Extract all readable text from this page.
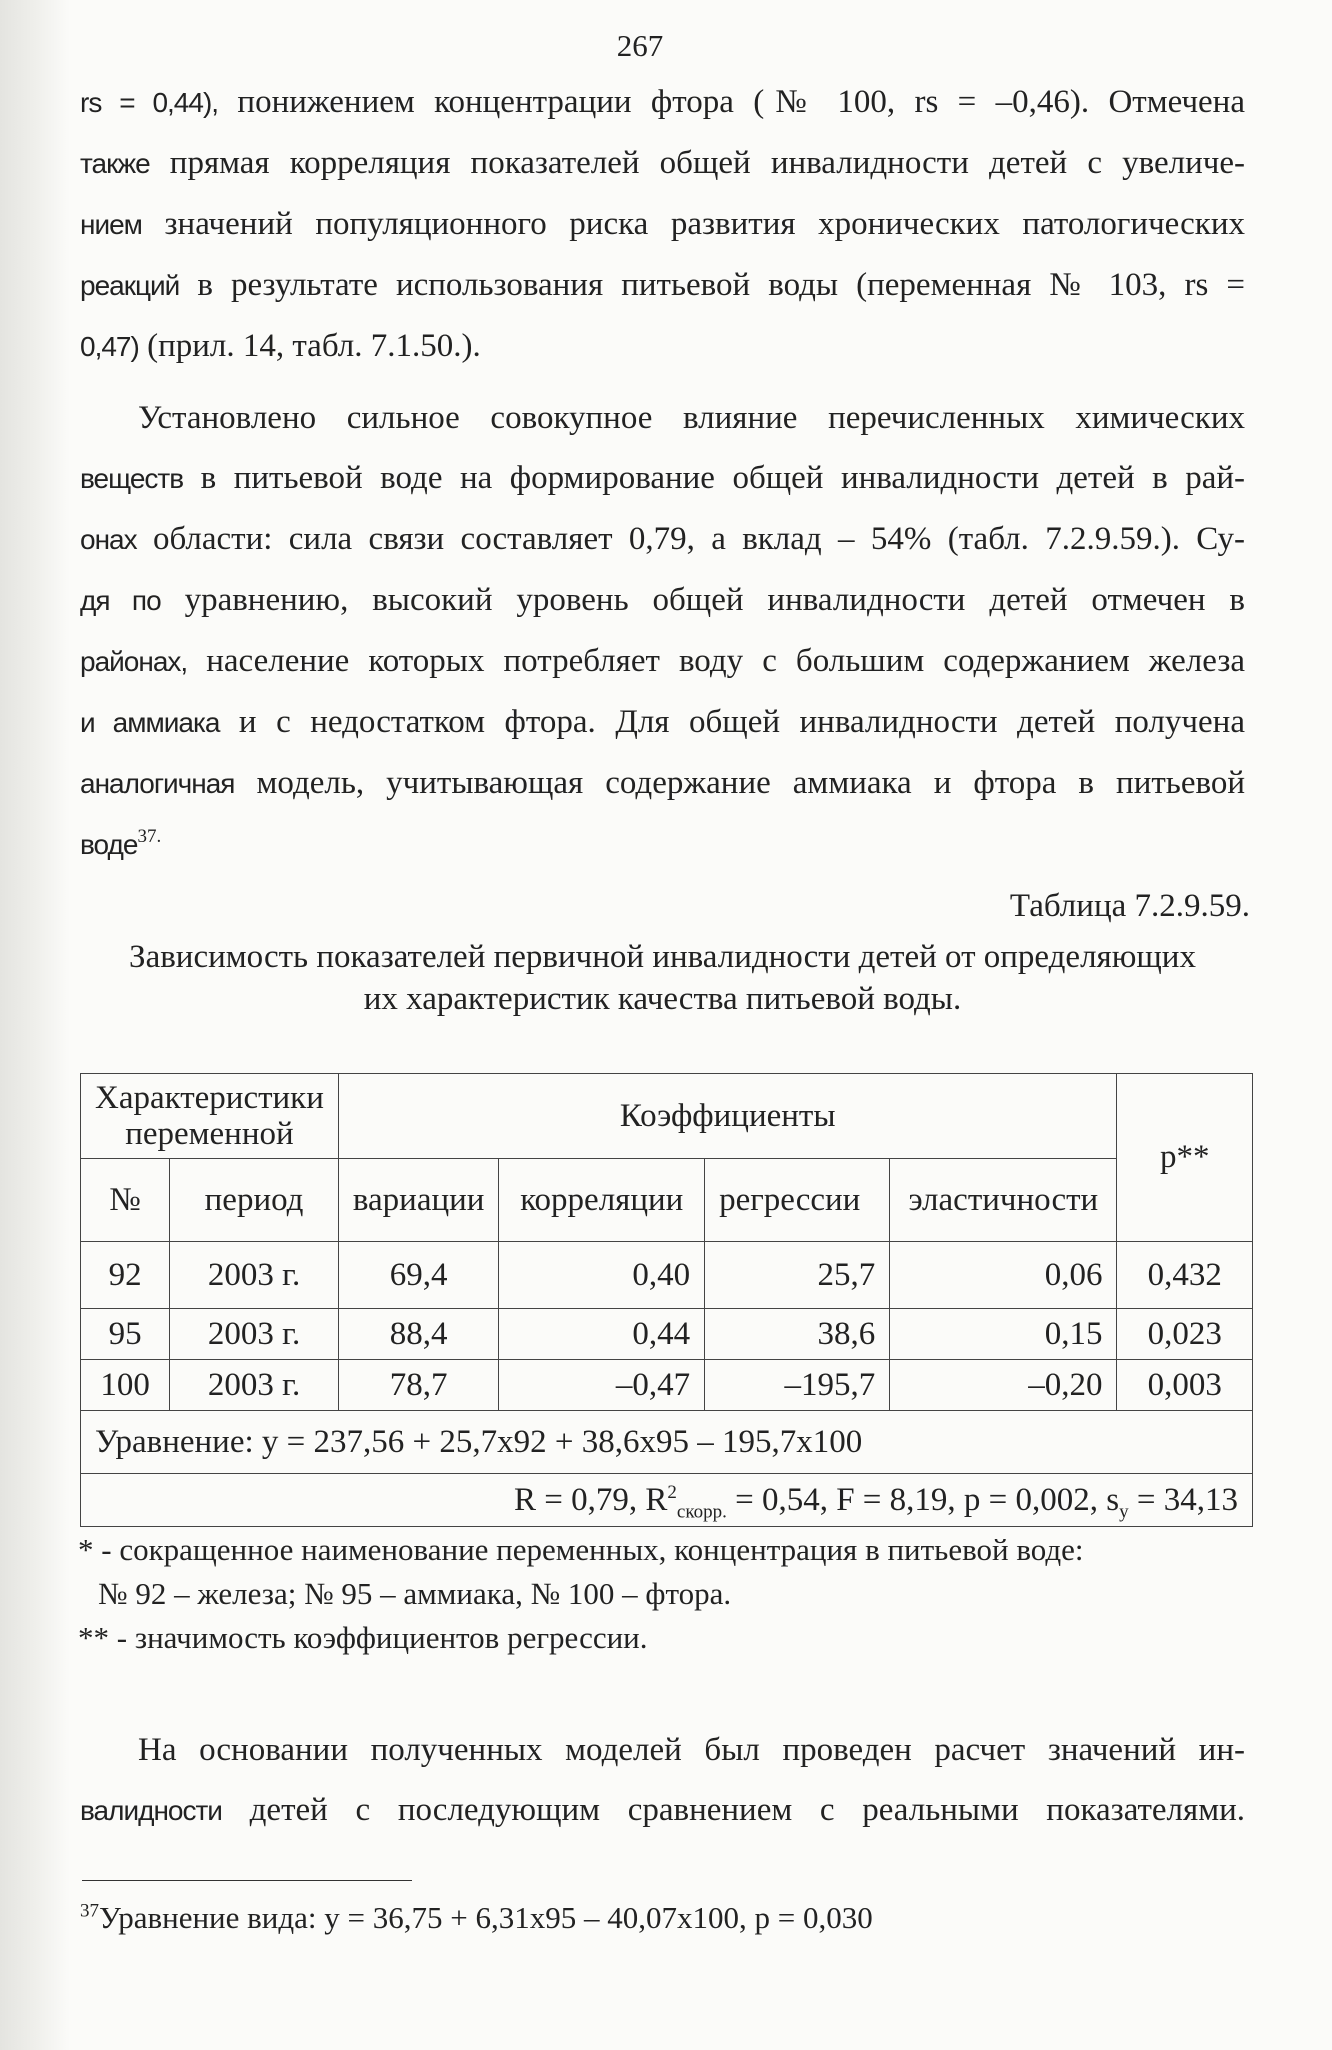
267
rs = 0,44), понижением концентрации фтора (№ 100, rs = –0,46). Отмечена
также прямая корреляция показателей общей инвалидности детей с увеличе-
нием значений популяционного риска развития хронических патологических
реакций в результате использования питьевой воды (переменная № 103, rs =
0,47) (прил. 14, табл. 7.1.50.).
Установлено сильное совокупное влияние перечисленных химических
веществ в питьевой воде на формирование общей инвалидности детей в рай-
онах области: сила связи составляет 0,79, а вклад – 54% (табл. 7.2.9.59.). Су-
дя по уравнению, высокий уровень общей инвалидности детей отмечен в
районах, население которых потребляет воду с большим содержанием железа
и аммиака и с недостатком фтора. Для общей инвалидности детей получена
аналогичная модель, учитывающая содержание аммиака и фтора в питьевой
воде$^{37.}$
Таблица 7.2.9.59.
Зависимость показателей первичной инвалидности детей от определяющих
их характеристик качества питьевой воды.
Характеристики переменной		Коэффициенты				p**
№	период	вариации	корреляции	регрессии	эластичности	
92	2003 г.	69,4	0,40	25,7	0,06	0,432
95	2003 г.	88,4	0,44	38,6	0,15	0,023
100	2003 г.	78,7	–0,47	–195,7	–0,20	0,003
Уравнение: y = 237,56 + 25,7x92 + 38,6x95 – 195,7x100						
R = 0,79, $R^2_{скорр.} = 0,54$, F = 8,19, p = 0,002, $s_y = 34,13$						
* - сокращенное наименование переменных, концентрация в питьевой воде:
№ 92 – железа; № 95 – аммиака, № 100 – фтора.
** - значимость коэффициентов регрессии.
На основании полученных моделей был проведен расчет значений ин-
валидности детей с последующим сравнением с реальными показателями.
$^{37}$Уравнение вида: y = 36,75 + 6,31x95 – 40,07x100, p = 0,030
